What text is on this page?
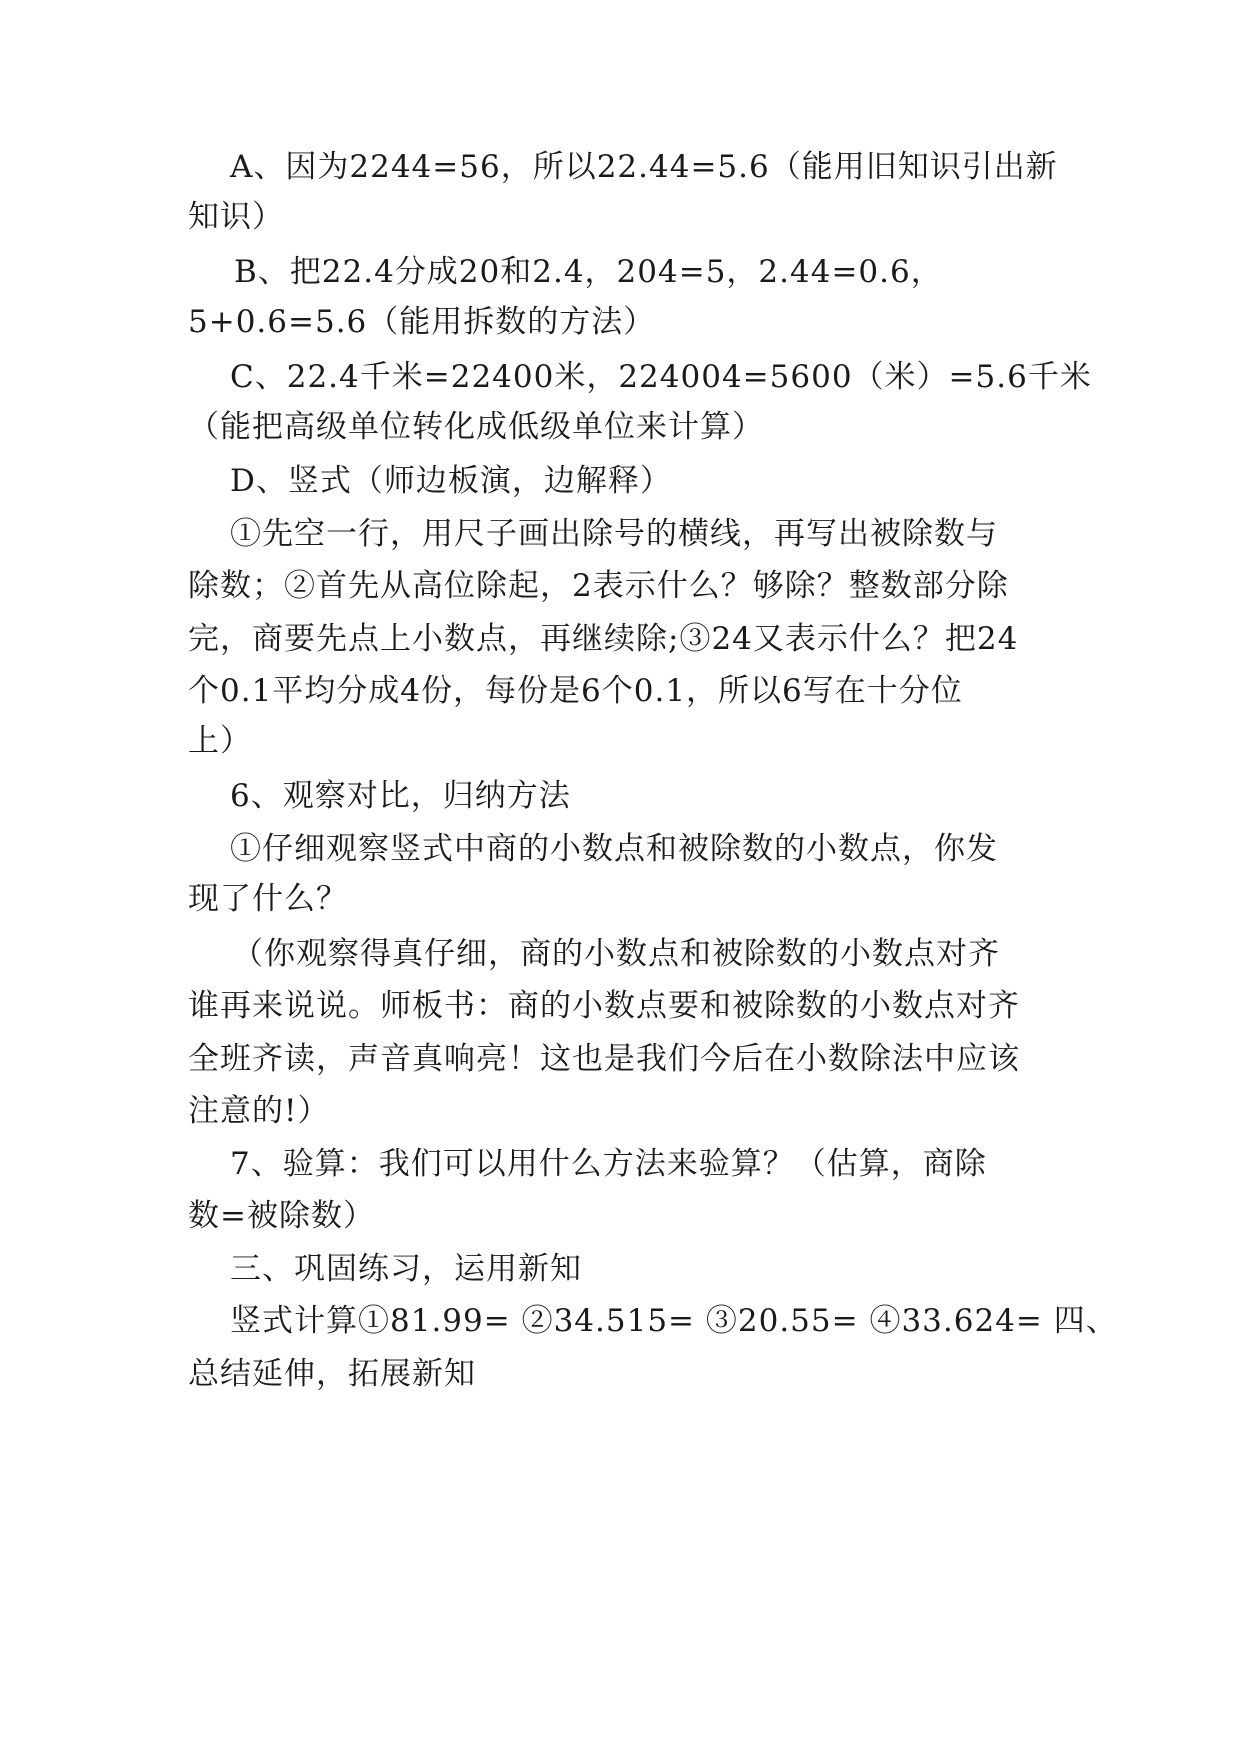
A、因为2244=56，所以22.44=5.6（能用旧知识引出新
知识）
B、把22.4分成20和2.4，204=5，2.44=0.6，
5+0.6=5.6（能用拆数的方法）
C、22.4千米=22400米，224004=5600（米）=5.6千米
（能把高级单位转化成低级单位来计算）
D、竖式（师边板演，边解释）
①先空一行，用尺子画出除号的横线，再写出被除数与
除数；②首先从高位除起，2表示什么？够除？整数部分除
完，商要先点上小数点，再继续除;③24又表示什么？把24
个0.1平均分成4份，每份是6个0.1，所以6写在十分位
上）
6、观察对比，归纳方法
①仔细观察竖式中商的小数点和被除数的小数点，你发
现了什么？
（你观察得真仔细，商的小数点和被除数的小数点对齐
谁再来说说。师板书：商的小数点要和被除数的小数点对齐
全班齐读，声音真响亮！这也是我们今后在小数除法中应该
注意的!）
7、验算：我们可以用什么方法来验算？（估算，商除
数=被除数）
三、巩固练习，运用新知
竖式计算①81.99= ②34.515= ③20.55= ④33.624= 四、
总结延伸，拓展新知
